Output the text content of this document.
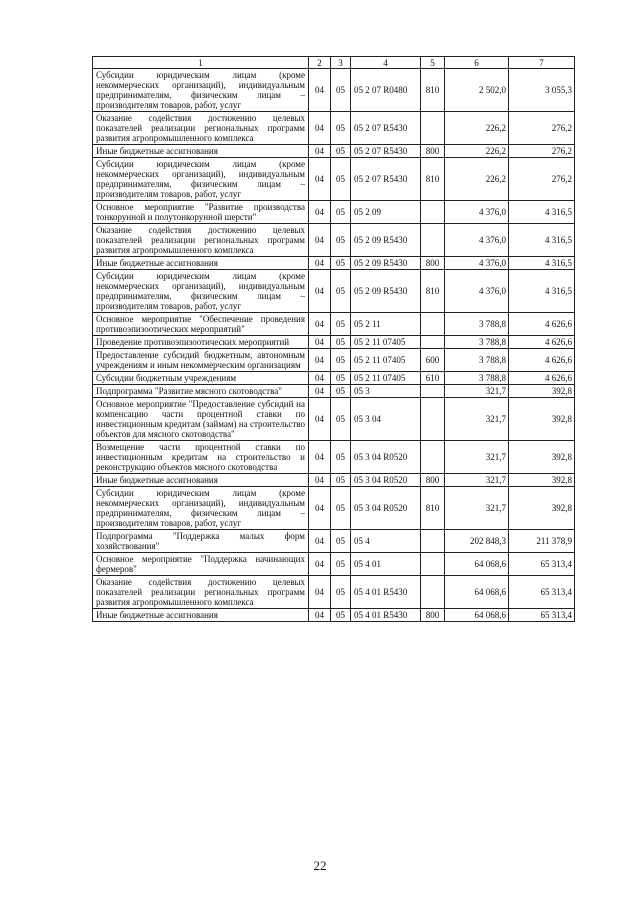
1	2	3	4	5	6	7
Субсидии юридическим лицам (кроме некоммерческих организаций), индивидуальным предпринимателям, физическим лицам – производителям товаров, работ, услуг	04	05	05 2 07 R0480	810	2 502,0	3 055,3
Оказание содействия достижению целевых показателей реализации региональных программ развития агропромышленного комплекса	04	05	05 2 07 R5430		226,2	276,2
Иные бюджетные ассигнования	04	05	05 2 07 R5430	800	226,2	276,2
Субсидии юридическим лицам (кроме некоммерческих организаций), индивидуальным предпринимателям, физическим лицам – производителям товаров, работ, услуг	04	05	05 2 07 R5430	810	226,2	276,2
Основное мероприятие "Развитие производства тонкорунной и полутонкорунной шерсти"	04	05	05 2 09		4 376,0	4 316,5
Оказание содействия достижению целевых показателей реализации региональных программ развития агропромышленного комплекса	04	05	05 2 09 R5430		4 376,0	4 316,5
Иные бюджетные ассигнования	04	05	05 2 09 R5430	800	4 376,0	4 316,5
Субсидии юридическим лицам (кроме некоммерческих организаций), индивидуальным предпринимателям, физическим лицам – производителям товаров, работ, услуг	04	05	05 2 09 R5430	810	4 376,0	4 316,5
Основное мероприятие "Обеспечение проведения противоэпизоотических мероприятий"	04	05	05 2 11		3 788,8	4 626,6
Проведение противоэпизоотических мероприятий	04	05	05 2 11 07405		3 788,8	4 626,6
Предоставление субсидий бюджетным, автономным учреждениям и иным некоммерческим организациям	04	05	05 2 11 07405	600	3 788,8	4 626,6
Субсидии бюджетным учреждениям	04	05	05 2 11 07405	610	3 788,8	4 626,6
Подпрограмма "Развитие мясного скотоводства"	04	05	05 3		321,7	392,8
Основное мероприятие "Предоставление субсидий на компенсацию части процентной ставки по инвестиционным кредитам (займам) на строительство объектов для мясного скотоводства"	04	05	05 3 04		321,7	392,8
Возмещение части процентной ставки по инвестиционным кредитам на строительство и реконструкцию объектов мясного скотоводства	04	05	05 3 04 R0520		321,7	392,8
Иные бюджетные ассигнования	04	05	05 3 04 R0520	800	321,7	392,8
Субсидии юридическим лицам (кроме некоммерческих организаций), индивидуальным предпринимателям, физическим лицам – производителям товаров, работ, услуг	04	05	05 3 04 R0520	810	321,7	392,8
Подпрограмма "Поддержка малых форм хозяйствования"	04	05	05 4		202 848,3	211 378,9
Основное мероприятие "Поддержка начинающих фермеров"	04	05	05 4 01		64 068,6	65 313,4
Оказание содействия достижению целевых показателей реализации региональных программ развития агропромышленного комплекса	04	05	05 4 01 R5430		64 068,6	65 313,4
Иные бюджетные ассигнования	04	05	05 4 01 R5430	800	64 068,6	65 313,4
22
